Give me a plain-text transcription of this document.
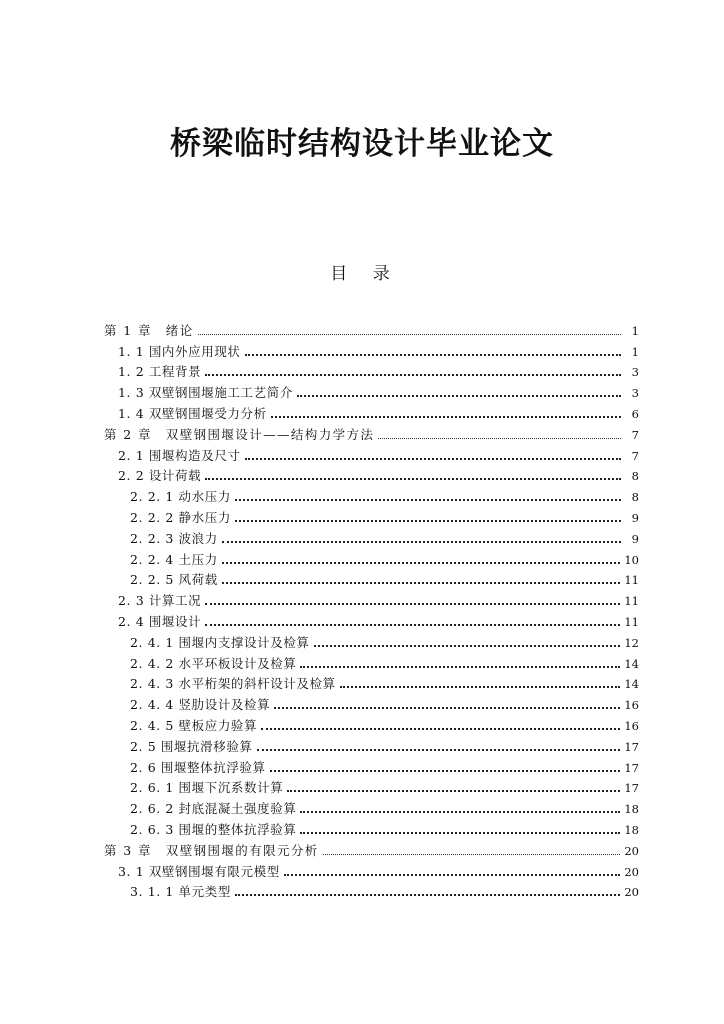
桥梁临时结构设计毕业论文
目 录
第 1 章　绪论	1
1. 1 国内外应用现状	1
1. 2 工程背景	3
1. 3 双壁钢围堰施工工艺简介	3
1. 4 双壁钢围堰受力分析	6
第 2 章　双壁钢围堰设计——结构力学方法	7
2. 1 围堰构造及尺寸	7
2. 2 设计荷载	8
2. 2. 1 动水压力	8
2. 2. 2 静水压力	9
2. 2. 3 波浪力	9
2. 2. 4 土压力	10
2. 2. 5 风荷载	11
2. 3 计算工况	11
2. 4 围堰设计	11
2. 4. 1 围堰内支撑设计及检算	12
2. 4. 2 水平环板设计及检算	14
2. 4. 3 水平桁架的斜杆设计及检算	14
2. 4. 4 竖肋设计及检算	16
2. 4. 5 壁板应力验算	16
2. 5 围堰抗滑移验算	17
2. 6 围堰整体抗浮验算	17
2. 6. 1 围堰下沉系数计算	17
2. 6. 2 封底混凝土强度验算	18
2. 6. 3 围堰的整体抗浮验算	18
第 3 章　双壁钢围堰的有限元分析	20
3. 1 双壁钢围堰有限元模型	20
3. 1. 1 单元类型	20
